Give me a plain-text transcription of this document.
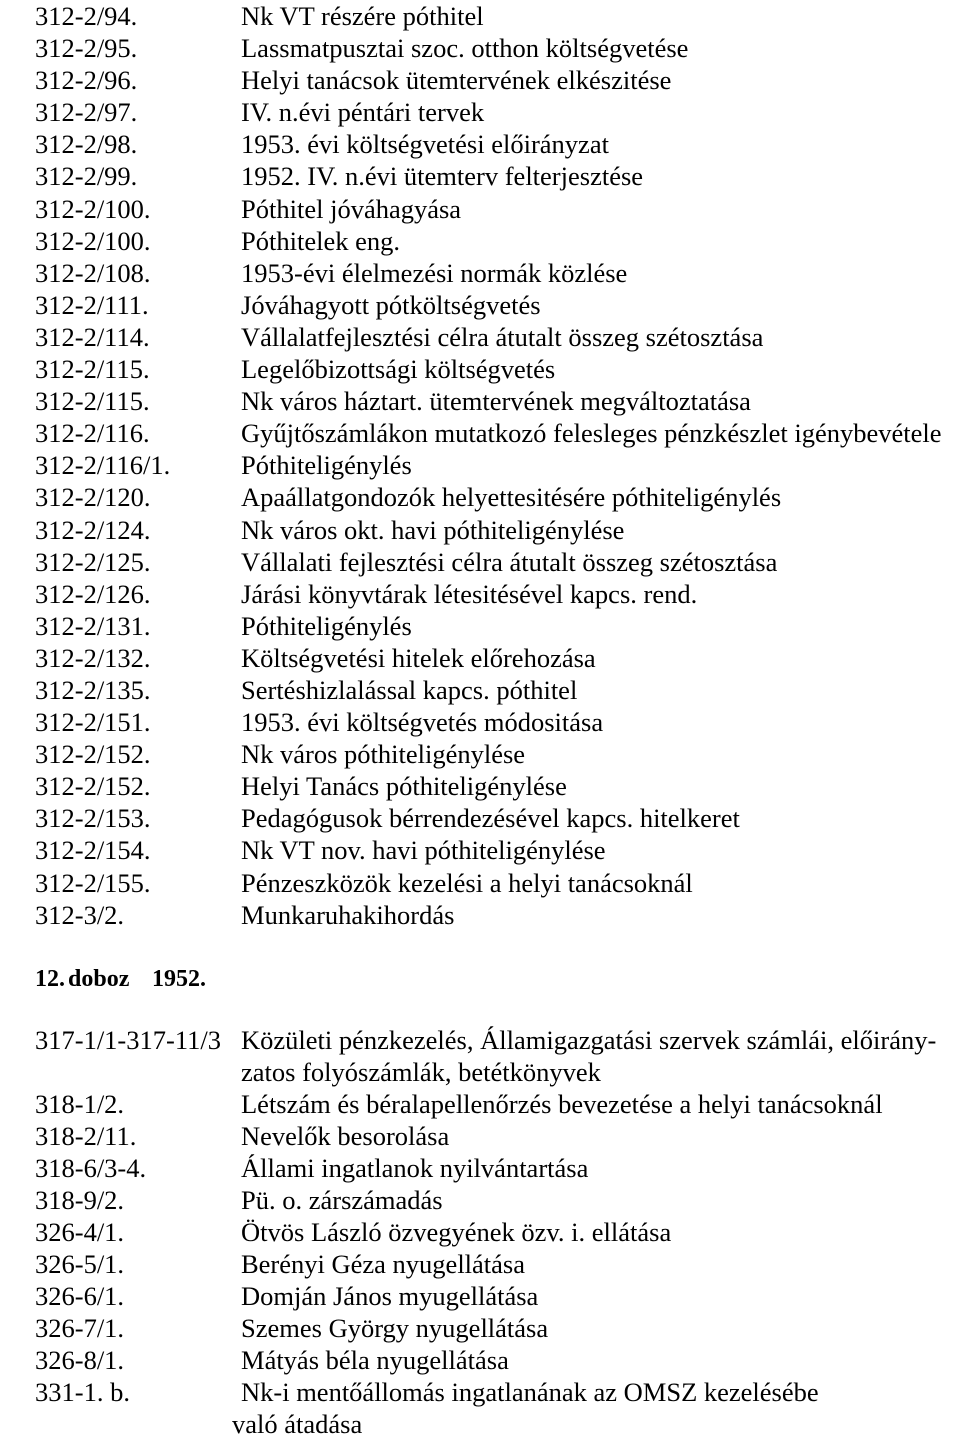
312-2/94.	Nk VT részére póthitel
312-2/95.	Lassmatpusztai szoc. otthon költségvetése
312-2/96.	Helyi tanácsok ütemtervének elkészitése
312-2/97.	IV. n.évi péntári tervek
312-2/98.	1953. évi költségvetési előirányzat
312-2/99.	1952. IV. n.évi ütemterv felterjesztése
312-2/100.	Póthitel jóváhagyása
312-2/100.	Póthitelek eng.
312-2/108.	1953-évi élelmezési normák közlése
312-2/111.	Jóváhagyott pótköltségvetés
312-2/114.	Vállalatfejlesztési célra átutalt összeg szétosztása
312-2/115.	Legelőbizottsági költségvetés
312-2/115.	Nk város háztart. ütemtervének megváltoztatása
312-2/116.	Gyűjtőszámlákon mutatkozó felesleges pénzkészlet igénybevétele
312-2/116/1.	Póthiteligénylés
312-2/120.	Apaállatgondozók helyettesitésére póthiteligénylés
312-2/124.	Nk város okt. havi póthiteligénylése
312-2/125.	Vállalati fejlesztési célra átutalt összeg szétosztása
312-2/126.	Járási könyvtárak létesitésével kapcs. rend.
312-2/131.	Póthiteligénylés
312-2/132.	Költségvetési hitelek előrehozása
312-2/135.	Sertéshizlalással kapcs. póthitel
312-2/151.	1953. évi költségvetés módositása
312-2/152.	Nk város póthiteligénylése
312-2/152.	Helyi Tanács póthiteligénylése
312-2/153.	Pedagógusok bérrendezésével kapcs. hitelkeret
312-2/154.	Nk VT nov. havi póthiteligénylése
312-2/155.	Pénzeszközök kezelési a helyi tanácsoknál
312-3/2.	Munkaruhakihordás
12. doboz 1952.
317-1/1-317-11/3 Közületi pénzkezelés, Államigazgatási szervek számlái, előirány-
zatos folyószámlák, betétkönyvek
318-1/2.	Létszám és béralapellenőrzés bevezetése a helyi tanácsoknál
318-2/11.	Nevelők besorolása
318-6/3-4.	Állami ingatlanok nyilvántartása
318-9/2.	Pü. o. zárszámadás
326-4/1.	Ötvös László özvegyének özv. i. ellátása
326-5/1.	Berényi Géza nyugellátása
326-6/1.	Domján János myugellátása
326-7/1.	Szemes György nyugellátása
326-8/1.	Mátyás béla nyugellátása
331-1. b.	Nk-i mentőállomás ingatlanának az OMSZ kezelésébe
való átadása
